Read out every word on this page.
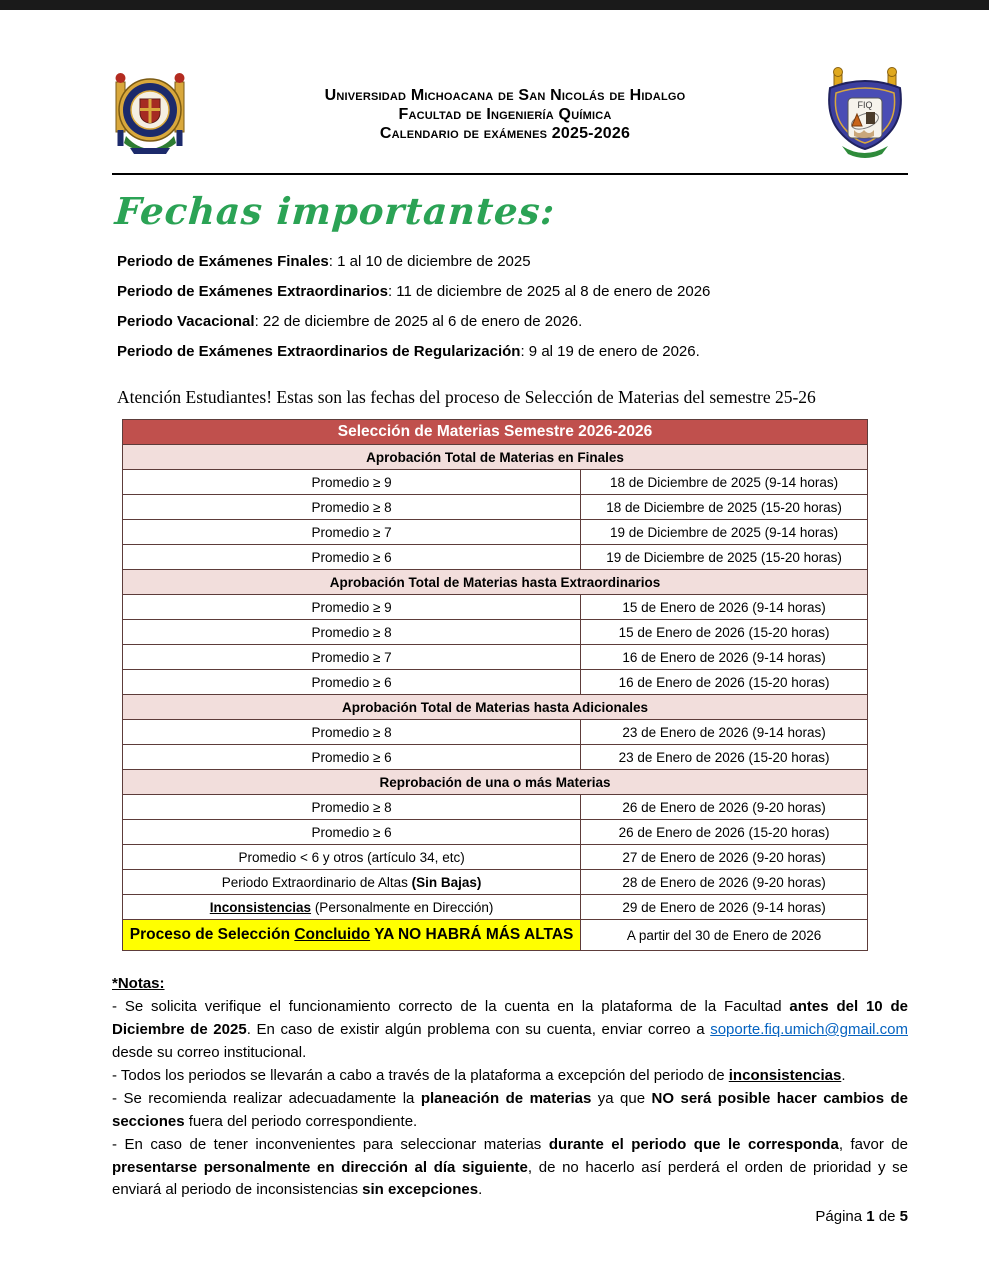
Universidad Michoacana de San Nicolás de Hidalgo
Facultad de Ingeniería Química
Calendario de exámenes 2025-2026
FIQ
Fechas importantes:

Periodo de Exámenes Finales: 1 al 10 de diciembre de 2025

Periodo de Exámenes Extraordinarios: 11 de diciembre de 2025 al 8 de enero de 2026

Periodo Vacacional: 22 de diciembre de 2025 al 6 de enero de 2026.

Periodo de Exámenes Extraordinarios de Regularización: 9 al 19 de enero de 2026.

Atención Estudiantes! Estas son las fechas del proceso de Selección de Materias del semestre 25-26
Selección de Materias Semestre 2026-2026	
Aprobación Total de Materias en Finales	
Promedio ≥ 9	18 de Diciembre de 2025 (9-14 horas)
Promedio ≥ 8	18 de Diciembre de 2025 (15-20 horas)
Promedio ≥ 7	19 de Diciembre de 2025 (9-14 horas)
Promedio ≥ 6	19 de Diciembre de 2025 (15-20 horas)
Aprobación Total de Materias hasta Extraordinarios	
Promedio ≥ 9	15 de Enero de 2026 (9-14 horas)
Promedio ≥ 8	15 de Enero de 2026 (15-20 horas)
Promedio ≥ 7	16 de Enero de 2026 (9-14 horas)
Promedio ≥ 6	16 de Enero de 2026 (15-20 horas)
Aprobación Total de Materias hasta Adicionales	
Promedio ≥ 8	23 de Enero de 2026 (9-14 horas)
Promedio ≥ 6	23 de Enero de 2026 (15-20 horas)
Reprobación de una o más Materias	
Promedio ≥ 8	26 de Enero de 2026 (9-20 horas)
Promedio ≥ 6	26 de Enero de 2026 (15-20 horas)
Promedio < 6 y otros (artículo 34, etc)	27 de Enero de 2026 (9-20 horas)
Periodo Extraordinario de Altas (Sin Bajas)	28 de Enero de 2026 (9-20 horas)
Inconsistencias (Personalmente en Dirección)	29 de Enero de 2026 (9-14 horas)
Proceso de Selección Concluido YA NO HABRÁ MÁS ALTAS	A partir del 30 de Enero de 2026

*Notas:

- Se solicita verifique el funcionamiento correcto de la cuenta en la plataforma de la Facultad antes del 10 de Diciembre de 2025. En caso de existir algún problema con su cuenta, enviar correo a soporte.fiq.umich@gmail.com desde su correo institucional.

- Todos los periodos se llevarán a cabo a través de la plataforma a excepción del periodo de inconsistencias.

- Se recomienda realizar adecuadamente la planeación de materias ya que NO será posible hacer cambios de secciones fuera del periodo correspondiente.

- En caso de tener inconvenientes para seleccionar materias durante el periodo que le corresponda, favor de presentarse personalmente en dirección al día siguiente, de no hacerlo así perderá el orden de prioridad y se enviará al periodo de inconsistencias sin excepciones.

Página 1 de 5
